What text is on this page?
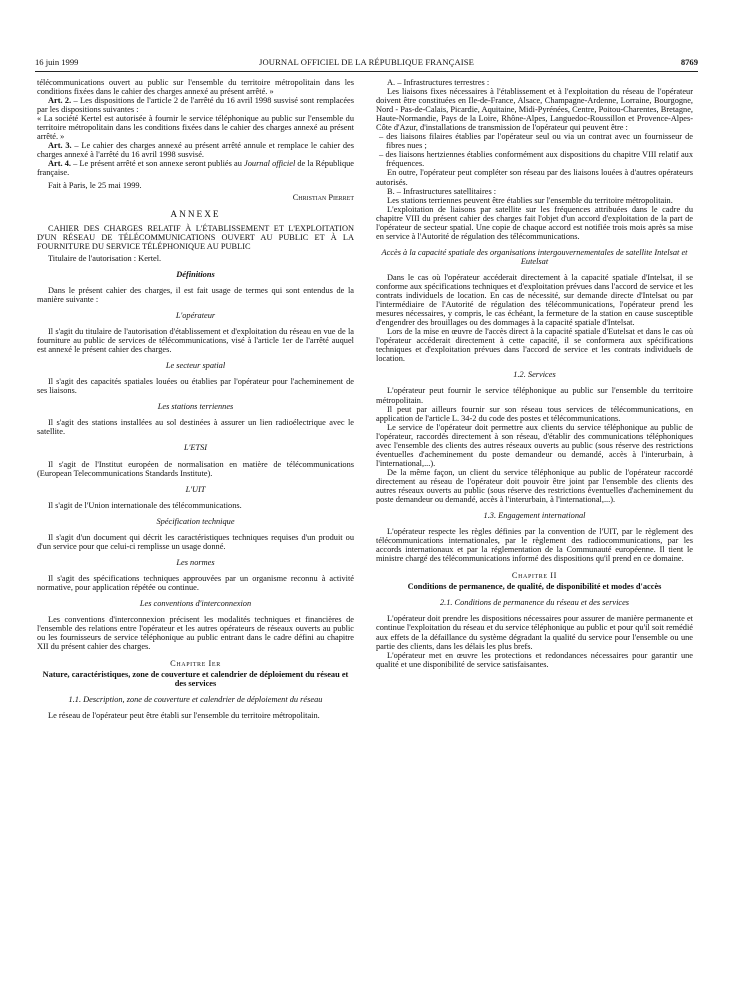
16 juin 1999	JOURNAL OFFICIEL DE LA RÉPUBLIQUE FRANÇAISE	8769

télécommunications ouvert au public sur l'ensemble du territoire métropolitain dans les conditions fixées dans le cahier des charges annexé au présent arrêté. »

Art. 2. – Les dispositions de l'article 2 de l'arrêté du 16 avril 1998 susvisé sont remplacées par les dispositions suivantes :

« La société Kertel est autorisée à fournir le service téléphonique au public sur l'ensemble du territoire métropolitain dans les conditions fixées dans le cahier des charges annexé au présent arrêté. »

Art. 3. – Le cahier des charges annexé au présent arrêté annule et remplace le cahier des charges annexé à l'arrêté du 16 avril 1998 susvisé.

Art. 4. – Le présent arrêté et son annexe seront publiés au Journal officiel de la République française.

Fait à Paris, le 25 mai 1999.

Christian Pierret
ANNEXE

CAHIER DES CHARGES RELATIF À L'ÉTABLISSEMENT ET L'EXPLOITATION D'UN RÉSEAU DE TÉLÉCOMMUNICATIONS OUVERT AU PUBLIC ET À LA FOURNITURE DU SERVICE TÉLÉPHONIQUE AU PUBLIC

Titulaire de l'autorisation : Kertel.

Définitions

Dans le présent cahier des charges, il est fait usage de termes qui sont entendus de la manière suivante :

L'opérateur

Il s'agit du titulaire de l'autorisation d'établissement et d'exploitation du réseau en vue de la fourniture au public de services de télécommunications, visé à l'article 1er de l'arrêté auquel est annexé le présent cahier des charges.

Le secteur spatial

Il s'agit des capacités spatiales louées ou établies par l'opérateur pour l'acheminement de ses liaisons.

Les stations terriennes

Il s'agit des stations installées au sol destinées à assurer un lien radioélectrique avec le satellite.

L'ETSI

Il s'agit de l'Institut européen de normalisation en matière de télécommunications (European Telecommunications Standards Institute).

L'UIT

Il s'agit de l'Union internationale des télécommunications.

Spécification technique

Il s'agit d'un document qui décrit les caractéristiques techniques requises d'un produit ou d'un service pour que celui-ci remplisse un usage donné.

Les normes

Il s'agit des spécifications techniques approuvées par un organisme reconnu à activité normative, pour application répétée ou continue.

Les conventions d'interconnexion

Les conventions d'interconnexion précisent les modalités techniques et financières de l'ensemble des relations entre l'opérateur et les autres opérateurs de réseaux ouverts au public ou les fournisseurs de service téléphonique au public entrant dans le cadre défini au chapitre XII du présent cahier des charges.

Chapitre Ier
Nature, caractéristiques, zone de couverture et calendrier de déploiement du réseau et des services
1.1. Description, zone de couverture et calendrier de déploiement du réseau

Le réseau de l'opérateur peut être établi sur l'ensemble du territoire métropolitain.

A. – Infrastructures terrestres :

Les liaisons fixes nécessaires à l'établissement et à l'exploitation du réseau de l'opérateur doivent être constituées en Ile-de-France, Alsace, Champagne-Ardenne, Lorraine, Bourgogne, Nord - Pas-de-Calais, Picardie, Aquitaine, Midi-Pyrénées, Centre, Poitou-Charentes, Bretagne, Haute-Normandie, Pays de la Loire, Rhône-Alpes, Languedoc-Roussillon et Provence-Alpes-Côte d'Azur, d'installations de transmission de l'opérateur qui peuvent être :

– des liaisons filaires établies par l'opérateur seul ou via un contrat avec un fournisseur de fibres nues ;

– des liaisons hertziennes établies conformément aux dispositions du chapitre VIII relatif aux fréquences.

En outre, l'opérateur peut compléter son réseau par des liaisons louées à d'autres opérateurs autorisés.

B. – Infrastructures satellitaires :

Les stations terriennes peuvent être établies sur l'ensemble du territoire métropolitain.

L'exploitation de liaisons par satellite sur les fréquences attribuées dans le cadre du chapitre VIII du présent cahier des charges fait l'objet d'un accord d'exploitation de la part de l'opérateur de secteur spatial. Une copie de chaque accord est notifiée trois mois après sa mise en service à l'Autorité de régulation des télécommunications.

Accès à la capacité spatiale des organisations intergouvernementales de satellite Intelsat et Eutelsat

Dans le cas où l'opérateur accéderait directement à la capacité spatiale d'Intelsat, il se conforme aux spécifications techniques et d'exploitation prévues dans l'accord de service et les contrats individuels de location. En cas de nécessité, sur demande directe d'Intelsat ou par l'intermédiaire de l'Autorité de régulation des télécommunications, l'opérateur prend les mesures nécessaires, y compris, le cas échéant, la fermeture de la station en cause susceptible d'engendrer des brouillages ou des dommages à la capacité spatiale d'Intelsat.

Lors de la mise en œuvre de l'accès direct à la capacité spatiale d'Eutelsat et dans le cas où l'opérateur accéderait directement à cette capacité, il se conformera aux spécifications techniques et d'exploitation prévues dans l'accord de service et les contrats individuels de location.

1.2. Services

L'opérateur peut fournir le service téléphonique au public sur l'ensemble du territoire métropolitain.

Il peut par ailleurs fournir sur son réseau tous services de télécommunications, en application de l'article L. 34-2 du code des postes et télécommunications.

Le service de l'opérateur doit permettre aux clients du service téléphonique au public de l'opérateur, raccordés directement à son réseau, d'établir des communications téléphoniques avec l'ensemble des clients des autres réseaux ouverts au public (sous réserve des restrictions éventuelles d'acheminement du poste demandeur ou demandé, accès à l'interurbain, à l'international,...).

De la même façon, un client du service téléphonique au public de l'opérateur raccordé directement au réseau de l'opérateur doit pouvoir être joint par l'ensemble des clients des autres réseaux ouverts au public (sous réserve des restrictions éventuelles d'acheminement du poste demandeur ou demandé, accès à l'interurbain, à l'international,...).

1.3. Engagement international

L'opérateur respecte les règles définies par la convention de l'UIT, par le règlement des télécommunications internationales, par le règlement des radiocommunications, par les accords internationaux et par la réglementation de la Communauté européenne. Il tient le ministre chargé des télécommunications informé des dispositions qu'il prend en ce domaine.

Chapitre II
Conditions de permanence, de qualité, de disponibilité et modes d'accès
2.1. Conditions de permanence du réseau et des services

L'opérateur doit prendre les dispositions nécessaires pour assurer de manière permanente et continue l'exploitation du réseau et du service téléphonique au public et pour qu'il soit remédié aux effets de la défaillance du système dégradant la qualité du service pour l'ensemble ou une partie des clients, dans les délais les plus brefs.

L'opérateur met en œuvre les protections et redondances nécessaires pour garantir une qualité et une disponibilité de service satisfaisantes.
